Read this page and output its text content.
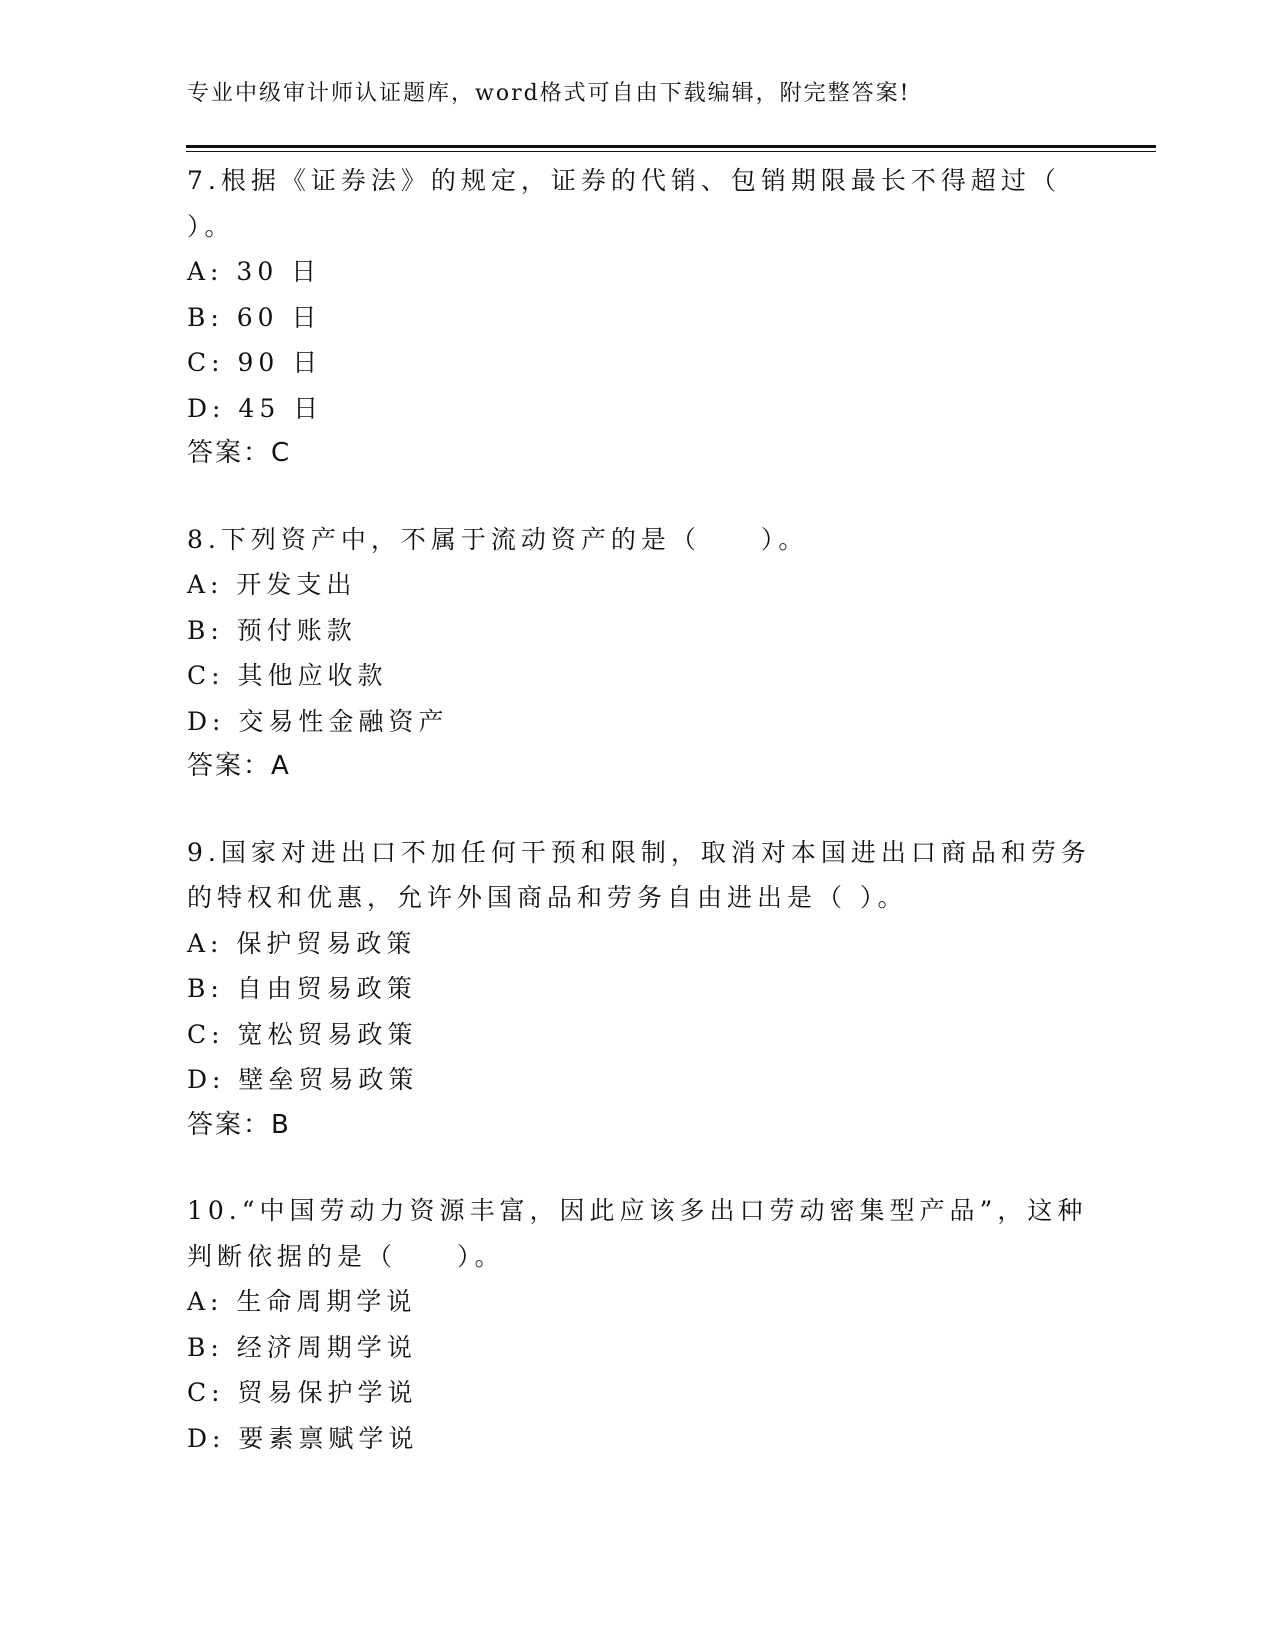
专业中级审计师认证题库，word格式可自由下载编辑，附完整答案!
7.根据《证券法》的规定，证券的代销、包销期限最长不得超过（
）。
A: 30 日
B: 60 日
C: 90 日
D: 45 日
答案：C
8.下列资产中，不属于流动资产的是（　　）。
A: 开发支出
B: 预付账款
C: 其他应收款
D: 交易性金融资产
答案：A
9.国家对进出口不加任何干预和限制，取消对本国进出口商品和劳务
的特权和优惠，允许外国商品和劳务自由进出是（ ）。
A: 保护贸易政策
B: 自由贸易政策
C: 宽松贸易政策
D: 壁垒贸易政策
答案：B
10.“中国劳动力资源丰富，因此应该多出口劳动密集型产品”，这种
判断依据的是（　　）。
A: 生命周期学说
B: 经济周期学说
C: 贸易保护学说
D: 要素禀赋学说
